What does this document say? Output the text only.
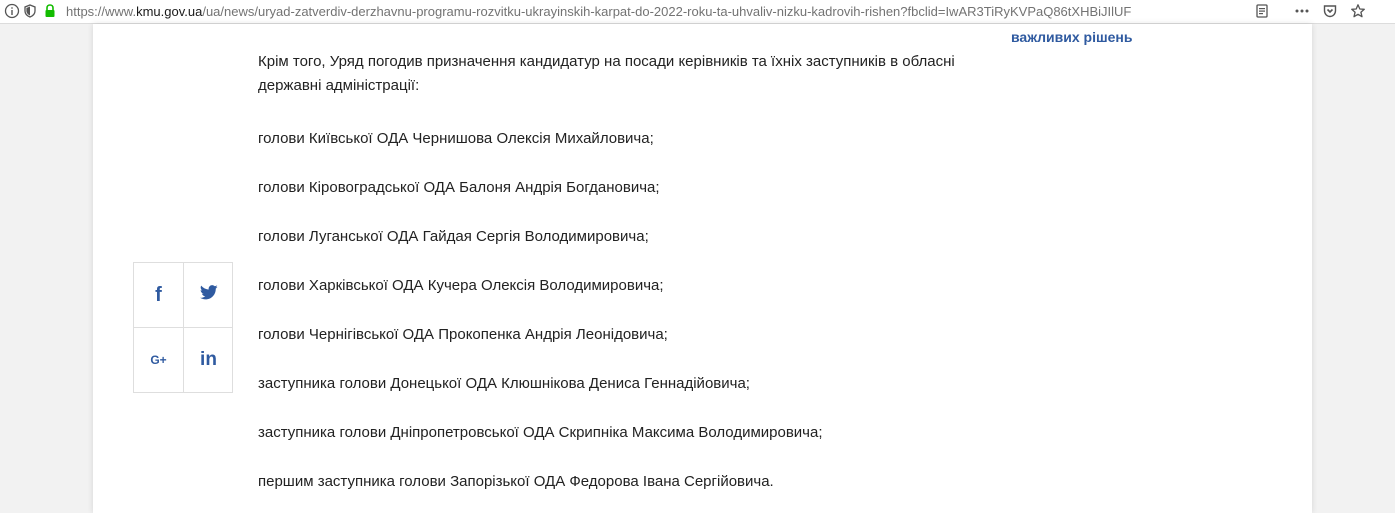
https://www.kmu.gov.ua/ua/news/uryad-zatverdiv-derzhavnu-programu-rozvitku-ukrayinskih-karpat-do-2022-roku-ta-uhvaliv-nizku-kadrovih-rishen?fbclid=IwAR3TiRyKVPaQ86tXHBiJIlUF
важливих рішень

Крім того, Уряд погодив призначення кандидатур на посади керівників та їхніх заступників в обласні державні адміністрації:

голови Київської ОДА Чернишова Олексія Михайловича;

голови Кіровоградської ОДА Балоня Андрія Богдановича;

голови Луганської ОДА Гайдая Сергія Володимировича;

голови Харківської ОДА Кучера Олексія Володимировича;

голови Чернігівської ОДА Прокопенка Андрія Леонідовича;

заступника голови Донецької ОДА Клюшнікова Дениса Геннадійовича;

заступника голови Дніпропетровської ОДА Скрипніка Максима Володимировича;

першим заступника голови Запорізької ОДА Федорова Івана Сергійовича.

f
G+ in
